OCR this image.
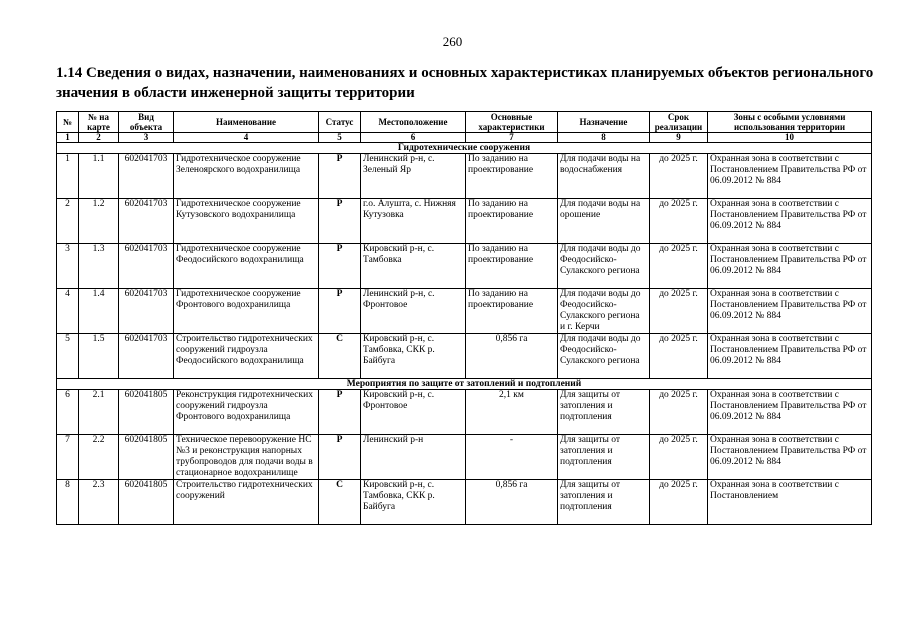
260
1.14 Сведения о видах, назначении, наименованиях и основных характеристиках планируемых объектов регионального значения в области инженерной защиты территории
№	№ на карте	Вид объекта	Наименование	Статус	Местоположение	Основные характеристики	Назначение	Срок реализации	Зоны с особыми условиями использования территории
1	2	3	4	5	6	7	8	9	10
Гидротехнические сооружения									
1	1.1	602041703	Гидротехническое сооружение Зеленоярского водохранилища	Р	Ленинский р-н, с. Зеленый Яр	По заданию на проектирование	Для подачи воды на водоснабжения	до 2025 г.	Охранная зона в соответствии с Постановлением Правительства РФ от 06.09.2012 № 884
2	1.2	602041703	Гидротехническое сооружение Кутузовского водохранилища	Р	г.о. Алушта, с. Нижняя Кутузовка	По заданию на проектирование	Для подачи воды на орошение	до 2025 г.	Охранная зона в соответствии с Постановлением Правительства РФ от 06.09.2012 № 884
3	1.3	602041703	Гидротехническое сооружение Феодосийского водохранилища	Р	Кировский р-н, с. Тамбовка	По заданию на проектирование	Для подачи воды до Феодосийско-Сулакского региона	до 2025 г.	Охранная зона в соответствии с Постановлением Правительства РФ от 06.09.2012 № 884
4	1.4	602041703	Гидротехническое сооружение Фронтового водохранилища	Р	Ленинский р-н, с. Фронтовое	По заданию на проектирование	Для подачи воды до Феодосийско-Сулакского региона и г. Керчи	до 2025 г.	Охранная зона в соответствии с Постановлением Правительства РФ от 06.09.2012 № 884
5	1.5	602041703	Строительство гидротехнических сооружений гидроузла Феодосийского водохранилища	С	Кировский р-н, с. Тамбовка, СКК р. Байбуга	0,856 га	Для подачи воды до Феодосийско-Сулакского региона	до 2025 г.	Охранная зона в соответствии с Постановлением Правительства РФ от 06.09.2012 № 884
Мероприятия по защите от затоплений и подтоплений									
6	2.1	602041805	Реконструкция гидротехнических сооружений гидроузла Фронтового водохранилища	Р	Кировский р-н, с. Фронтовое	2,1 км	Для защиты от затопления и подтопления	до 2025 г.	Охранная зона в соответствии с Постановлением Правительства РФ от 06.09.2012 № 884
7	2.2	602041805	Техническое перевооружение НС №3 и реконструкция напорных трубопроводов для подачи воды в стационарное водохранилище	Р	Ленинский р-н	-	Для защиты от затопления и подтопления	до 2025 г.	Охранная зона в соответствии с Постановлением Правительства РФ от 06.09.2012 № 884
8	2.3	602041805	Строительство гидротехнических сооружений	С	Кировский р-н, с. Тамбовка, СКК р. Байбуга	0,856 га	Для защиты от затопления и подтопления	до 2025 г.	Охранная зона в соответствии с Постановлением
